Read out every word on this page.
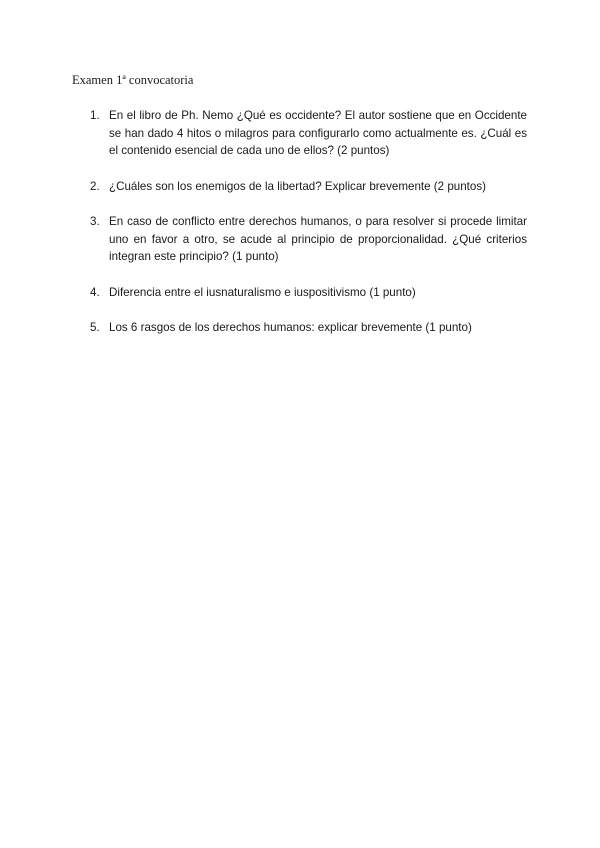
Examen 1ª convocatoria

1. En el libro de Ph. Nemo ¿Qué es occidente? El autor sostiene que en Occidente se han dado 4 hitos o milagros para configurarlo como actualmente es. ¿Cuál es el contenido esencial de cada uno de ellos? (2 puntos)
2. ¿Cuáles son los enemigos de la libertad? Explicar brevemente (2 puntos)
3. En caso de conflicto entre derechos humanos, o para resolver si procede limitar uno en favor a otro, se acude al principio de proporcionalidad. ¿Qué criterios integran este principio? (1 punto)
4. Diferencia entre el iusnaturalismo e iuspositivismo (1 punto)
5. Los 6 rasgos de los derechos humanos: explicar brevemente (1 punto)
